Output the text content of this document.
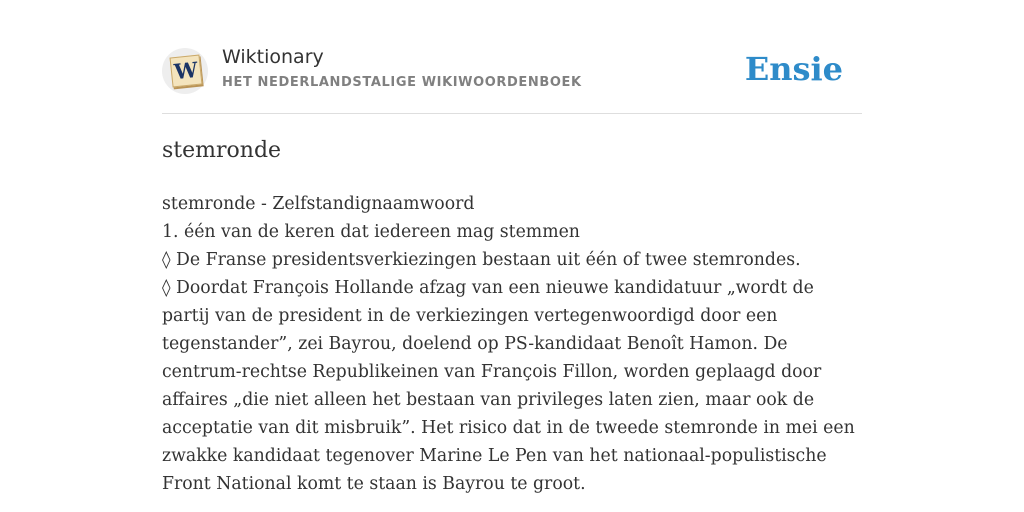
W Wiktionary
HET NEDERLANDSTALIGE WIKIWOORDENBOEK	Ensie
stemronde

stemronde - Zelfstandignaamwoord

1. één van de keren dat iedereen mag stemmen

◊ De Franse presidentsverkiezingen bestaan uit één of twee stemrondes.

◊ Doordat François Hollande afzag van een nieuwe kandidatuur „wordt de partij van de president in de verkiezingen vertegenwoordigd door een tegenstander”, zei Bayrou, doelend op PS-kandidaat Benoît Hamon. De centrum-rechtse Republikeinen van François Fillon, worden geplaagd door affaires „die niet alleen het bestaan van privileges laten zien, maar ook de acceptatie van dit misbruik”. Het risico dat in de tweede stemronde in mei een zwakke kandidaat tegenover Marine Le Pen van het nationaal-populistische Front National komt te staan is Bayrou te groot.
